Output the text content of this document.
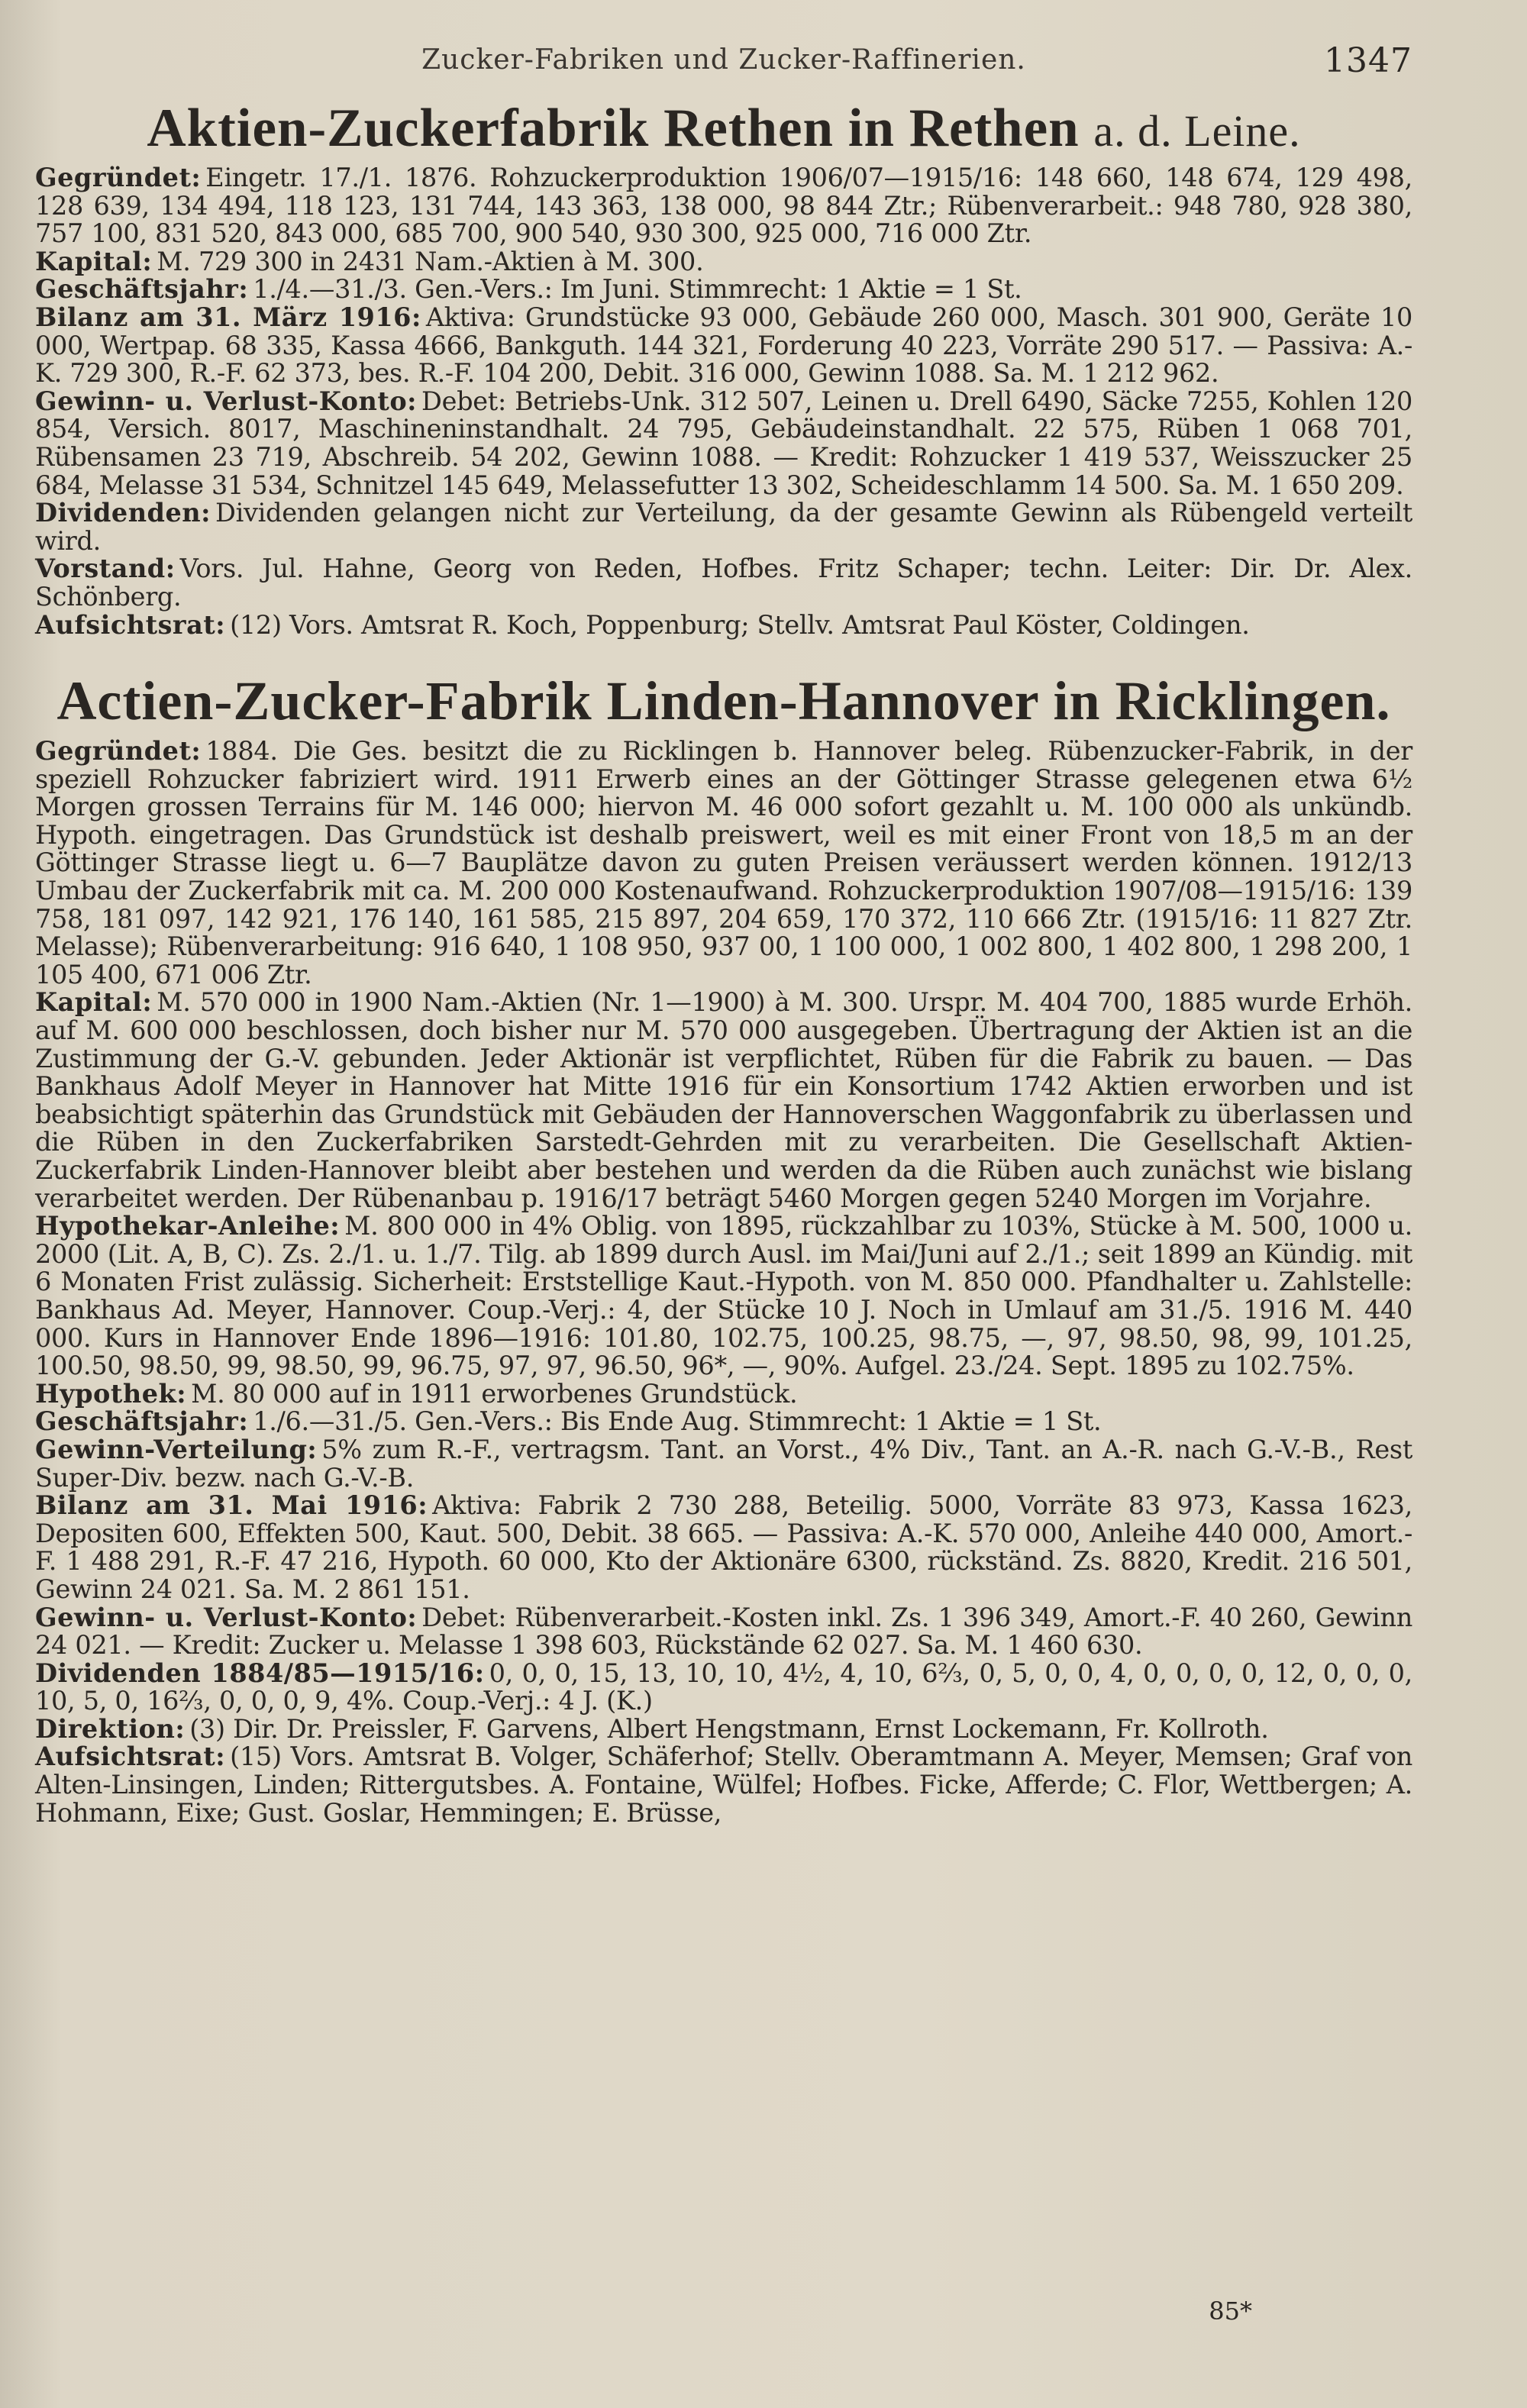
Zucker-Fabriken und Zucker-Raffinerien.	1347
Aktien-Zuckerfabrik Rethen in Rethen a. d. Leine.

Gegründet: Eingetr. 17./1. 1876. Rohzuckerproduktion 1906/07—1915/16: 148 660, 148 674, 129 498, 128 639, 134 494, 118 123, 131 744, 143 363, 138 000, 98 844 Ztr.; Rübenverarbeit.: 948 780, 928 380, 757 100, 831 520, 843 000, 685 700, 900 540, 930 300, 925 000, 716 000 Ztr.

Kapital: M. 729 300 in 2431 Nam.-Aktien à M. 300.

Geschäftsjahr: 1./4.—31./3. Gen.-Vers.: Im Juni. Stimmrecht: 1 Aktie = 1 St.

Bilanz am 31. März 1916: Aktiva: Grundstücke 93 000, Gebäude 260 000, Masch. 301 900, Geräte 10 000, Wertpap. 68 335, Kassa 4666, Bankguth. 144 321, Forderung 40 223, Vorräte 290 517. — Passiva: A.-K. 729 300, R.-F. 62 373, bes. R.-F. 104 200, Debit. 316 000, Gewinn 1088. Sa. M. 1 212 962.

Gewinn- u. Verlust-Konto: Debet: Betriebs-Unk. 312 507, Leinen u. Drell 6490, Säcke 7255, Kohlen 120 854, Versich. 8017, Maschineninstandhalt. 24 795, Gebäudeinstandhalt. 22 575, Rüben 1 068 701, Rübensamen 23 719, Abschreib. 54 202, Gewinn 1088. — Kredit: Rohzucker 1 419 537, Weisszucker 25 684, Melasse 31 534, Schnitzel 145 649, Melassefutter 13 302, Scheideschlamm 14 500. Sa. M. 1 650 209.

Dividenden: Dividenden gelangen nicht zur Verteilung, da der gesamte Gewinn als Rübengeld verteilt wird.

Vorstand: Vors. Jul. Hahne, Georg von Reden, Hofbes. Fritz Schaper; techn. Leiter: Dir. Dr. Alex. Schönberg.

Aufsichtsrat: (12) Vors. Amtsrat R. Koch, Poppenburg; Stellv. Amtsrat Paul Köster, Coldingen.

Actien-Zucker-Fabrik Linden-Hannover in Ricklingen.

Gegründet: 1884. Die Ges. besitzt die zu Ricklingen b. Hannover beleg. Rübenzucker-Fabrik, in der speziell Rohzucker fabriziert wird. 1911 Erwerb eines an der Göttinger Strasse gelegenen etwa 6½ Morgen grossen Terrains für M. 146 000; hiervon M. 46 000 sofort gezahlt u. M. 100 000 als unkündb. Hypoth. eingetragen. Das Grundstück ist deshalb preiswert, weil es mit einer Front von 18,5 m an der Göttinger Strasse liegt u. 6—7 Bauplätze davon zu guten Preisen veräussert werden können. 1912/13 Umbau der Zuckerfabrik mit ca. M. 200 000 Kostenaufwand. Rohzuckerproduktion 1907/08—1915/16: 139 758, 181 097, 142 921, 176 140, 161 585, 215 897, 204 659, 170 372, 110 666 Ztr. (1915/16: 11 827 Ztr. Melasse); Rübenverarbeitung: 916 640, 1 108 950, 937 00, 1 100 000, 1 002 800, 1 402 800, 1 298 200, 1 105 400, 671 006 Ztr.

Kapital: M. 570 000 in 1900 Nam.-Aktien (Nr. 1—1900) à M. 300. Urspr. M. 404 700, 1885 wurde Erhöh. auf M. 600 000 beschlossen, doch bisher nur M. 570 000 ausgegeben. Übertragung der Aktien ist an die Zustimmung der G.-V. gebunden. Jeder Aktionär ist verpflichtet, Rüben für die Fabrik zu bauen. — Das Bankhaus Adolf Meyer in Hannover hat Mitte 1916 für ein Konsortium 1742 Aktien erworben und ist beabsichtigt späterhin das Grundstück mit Gebäuden der Hannoverschen Waggonfabrik zu überlassen und die Rüben in den Zuckerfabriken Sarstedt-Gehrden mit zu verarbeiten. Die Gesellschaft Aktien-Zuckerfabrik Linden-Hannover bleibt aber bestehen und werden da die Rüben auch zunächst wie bislang verarbeitet werden. Der Rübenanbau p. 1916/17 beträgt 5460 Morgen gegen 5240 Morgen im Vorjahre.

Hypothekar-Anleihe: M. 800 000 in 4% Oblig. von 1895, rückzahlbar zu 103%, Stücke à M. 500, 1000 u. 2000 (Lit. A, B, C). Zs. 2./1. u. 1./7. Tilg. ab 1899 durch Ausl. im Mai/Juni auf 2./1.; seit 1899 an Kündig. mit 6 Monaten Frist zulässig. Sicherheit: Erststellige Kaut.-Hypoth. von M. 850 000. Pfandhalter u. Zahlstelle: Bankhaus Ad. Meyer, Hannover. Coup.-Verj.: 4, der Stücke 10 J. Noch in Umlauf am 31./5. 1916 M. 440 000. Kurs in Hannover Ende 1896—1916: 101.80, 102.75, 100.25, 98.75, —, 97, 98.50, 98, 99, 101.25, 100.50, 98.50, 99, 98.50, 99, 96.75, 97, 97, 96.50, 96*, —, 90%. Aufgel. 23./24. Sept. 1895 zu 102.75%.

Hypothek: M. 80 000 auf in 1911 erworbenes Grundstück.

Geschäftsjahr: 1./6.—31./5. Gen.-Vers.: Bis Ende Aug. Stimmrecht: 1 Aktie = 1 St.

Gewinn-Verteilung: 5% zum R.-F., vertragsm. Tant. an Vorst., 4% Div., Tant. an A.-R. nach G.-V.-B., Rest Super-Div. bezw. nach G.-V.-B.

Bilanz am 31. Mai 1916: Aktiva: Fabrik 2 730 288, Beteilig. 5000, Vorräte 83 973, Kassa 1623, Depositen 600, Effekten 500, Kaut. 500, Debit. 38 665. — Passiva: A.-K. 570 000, Anleihe 440 000, Amort.-F. 1 488 291, R.-F. 47 216, Hypoth. 60 000, Kto der Aktionäre 6300, rückständ. Zs. 8820, Kredit. 216 501, Gewinn 24 021. Sa. M. 2 861 151.

Gewinn- u. Verlust-Konto: Debet: Rübenverarbeit.-Kosten inkl. Zs. 1 396 349, Amort.-F. 40 260, Gewinn 24 021. — Kredit: Zucker u. Melasse 1 398 603, Rückstände 62 027. Sa. M. 1 460 630.

Dividenden 1884/85—1915/16: 0, 0, 0, 15, 13, 10, 10, 4½, 4, 10, 6⅔, 0, 5, 0, 0, 4, 0, 0, 0, 0, 12, 0, 0, 0, 10, 5, 0, 16⅔, 0, 0, 0, 9, 4%. Coup.-Verj.: 4 J. (K.)

Direktion: (3) Dir. Dr. Preissler, F. Garvens, Albert Hengstmann, Ernst Lockemann, Fr. Kollroth.

Aufsichtsrat: (15) Vors. Amtsrat B. Volger, Schäferhof; Stellv. Oberamtmann A. Meyer, Memsen; Graf von Alten-Linsingen, Linden; Rittergutsbes. A. Fontaine, Wülfel; Hofbes. Ficke, Afferde; C. Flor, Wettbergen; A. Hohmann, Eixe; Gust. Goslar, Hemmingen; E. Brüsse,

85*
